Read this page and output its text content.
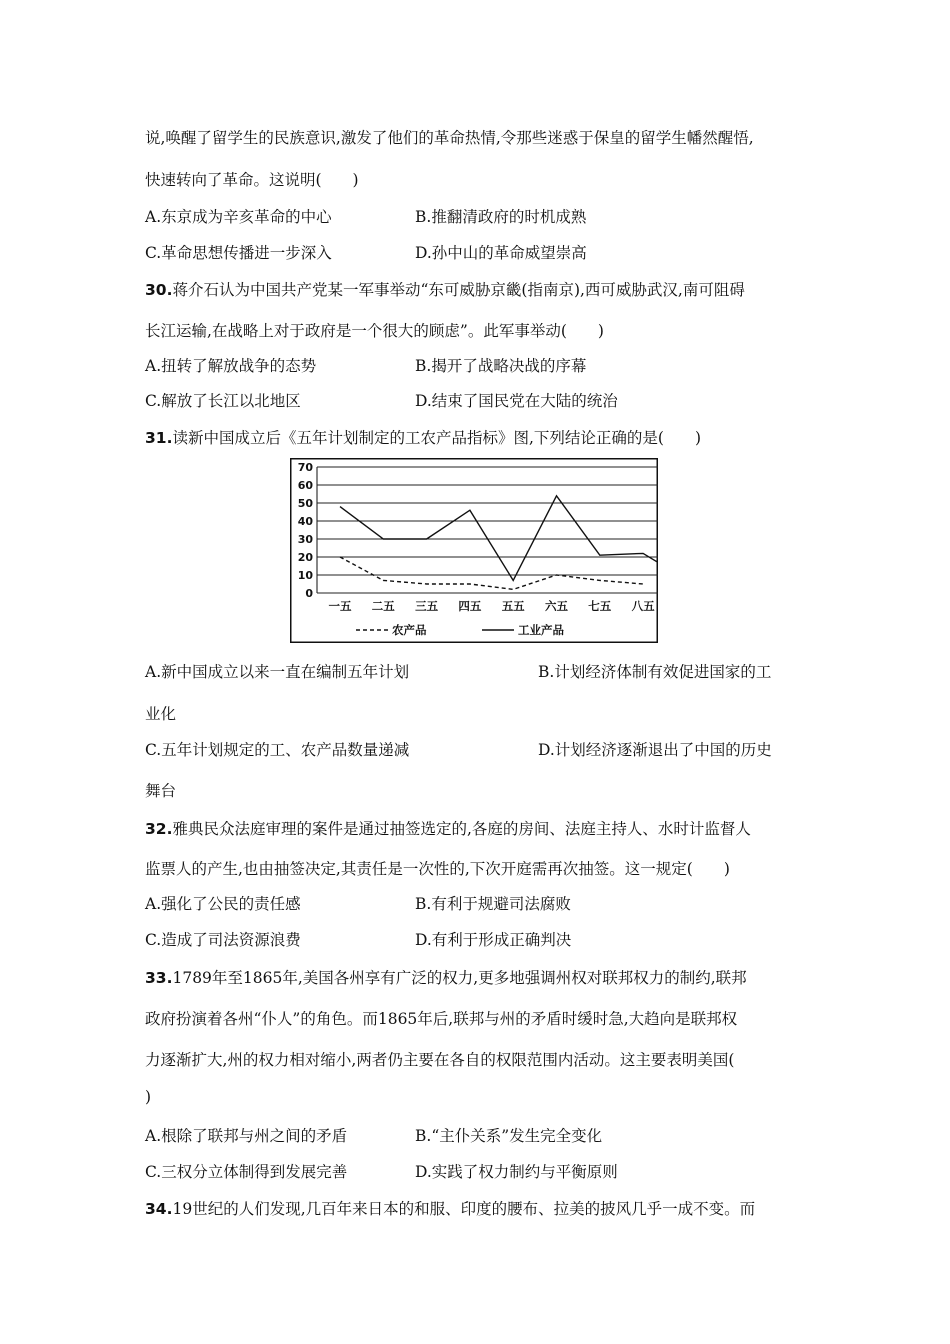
说,唤醒了留学生的民族意识,激发了他们的革命热情,令那些迷惑于保皇的留学生幡然醒悟,
快速转向了革命。这说明(　　)
A.东京成为辛亥革命的中心	B.推翻清政府的时机成熟
C.革命思想传播进一步深入	D.孙中山的革命威望崇高
30.蒋介石认为中国共产党某一军事举动“东可威胁京畿(指南京),西可威胁武汉,南可阻碍
长江运输,在战略上对于政府是一个很大的顾虑”。此军事举动(　　)
A.扭转了解放战争的态势	B.揭开了战略决战的序幕
C.解放了长江以北地区	D.结束了国民党在大陆的统治
31.读新中国成立后《五年计划制定的工农产品指标》图,下列结论正确的是(　　)
0
10
20
30
40
50
60
70
一五 二五 三五 四五 五五 六五 七五 八五
农产品	工业产品
A.新中国成立以来一直在编制五年计划	B.计划经济体制有效促进国家的工
业化
C.五年计划规定的工、农产品数量递减	D.计划经济逐渐退出了中国的历史
舞台
32.雅典民众法庭审理的案件是通过抽签选定的,各庭的房间、法庭主持人、水时计监督人
监票人的产生,也由抽签决定,其责任是一次性的,下次开庭需再次抽签。这一规定(　　)
A.强化了公民的责任感	B.有利于规避司法腐败
C.造成了司法资源浪费	D.有利于形成正确判决
33.1789年至1865年,美国各州享有广泛的权力,更多地强调州权对联邦权力的制约,联邦
政府扮演着各州“仆人”的角色。而1865年后,联邦与州的矛盾时缓时急,大趋向是联邦权
力逐渐扩大,州的权力相对缩小,两者仍主要在各自的权限范围内活动。这主要表明美国(
)
A.根除了联邦与州之间的矛盾	B.“主仆关系”发生完全变化
C.三权分立体制得到发展完善	D.实践了权力制约与平衡原则
34.19世纪的人们发现,几百年来日本的和服、印度的腰布、拉美的披风几乎一成不变。而
